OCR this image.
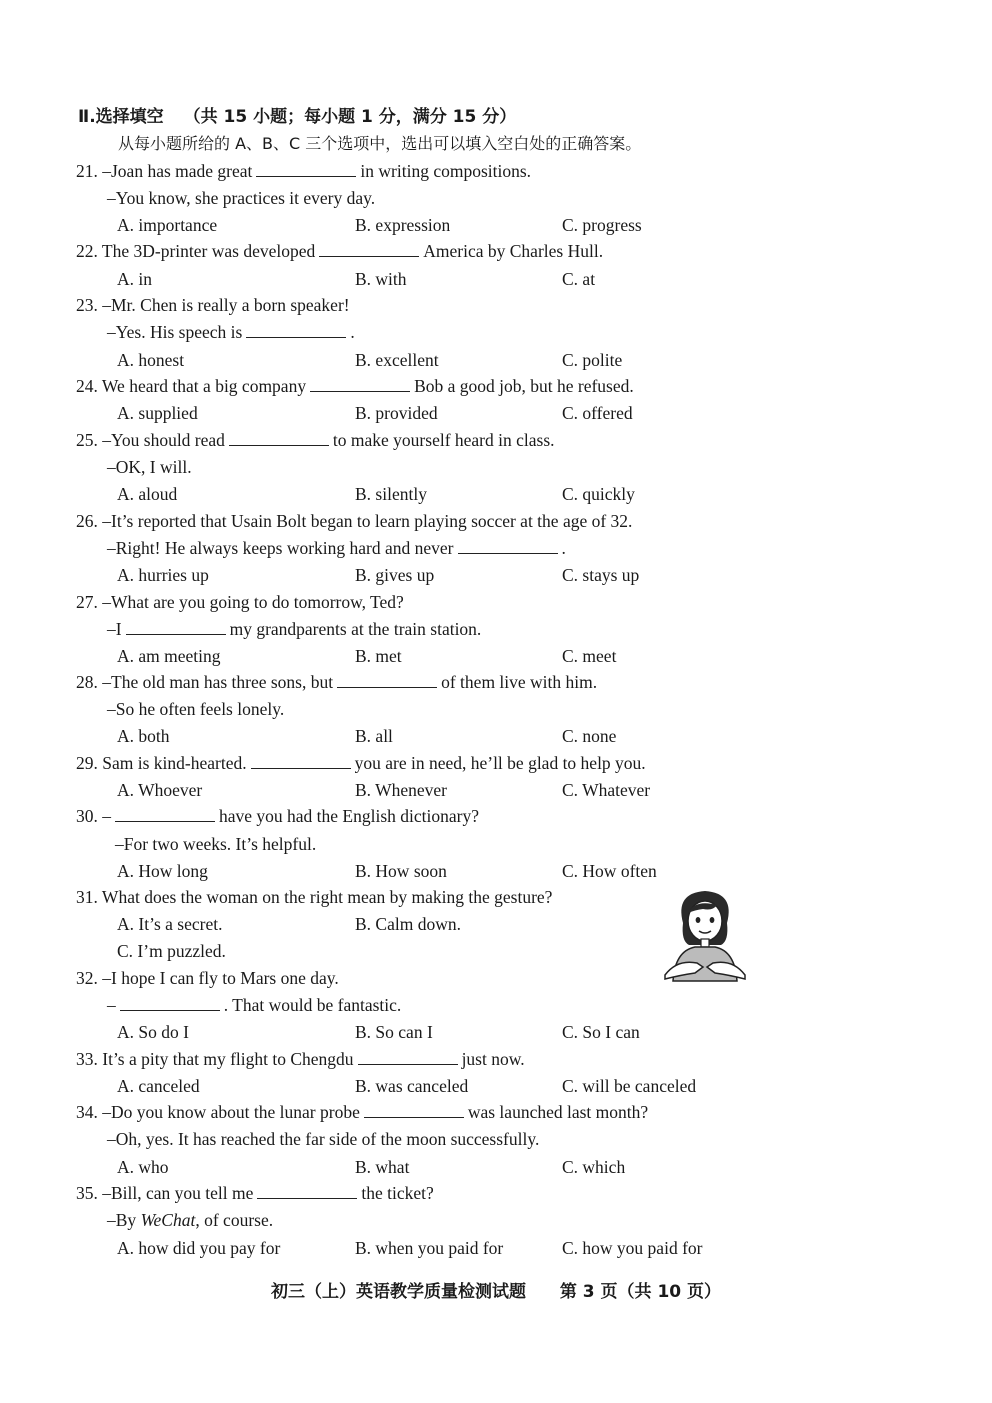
Ⅱ.选择填空 （共 15 小题；每小题 1 分，满分 15 分）
从每小题所给的 A、B、C 三个选项中，选出可以填入空白处的正确答案。
21. –Joan has made great	in writing compositions.
–You know, she practices it every day.
A. importance	B. expression	C. progress
22. The 3D-printer was developed	America by Charles Hull.
A. in	B. with	C. at
23. –Mr. Chen is really a born speaker!
–Yes. His speech is	.
A. honest	B. excellent	C. polite
24. We heard that a big company	Bob a good job, but he refused.
A. supplied	B. provided	C. offered
25. –You should read	to make yourself heard in class.
–OK, I will.
A. aloud	B. silently	C. quickly
26. –It’s reported that Usain Bolt began to learn playing soccer at the age of 32.
–Right! He always keeps working hard and never	.
A. hurries up	B. gives up	C. stays up
27. –What are you going to do tomorrow, Ted?
–I	my grandparents at the train station.
A. am meeting	B. met	C. meet
28. –The old man has three sons, but	of them live with him.
–So he often feels lonely.
A. both	B. all	C. none
29. Sam is kind-hearted.	you are in need, he’ll be glad to help you.
A. Whoever	B. Whenever	C. Whatever
30. –	have you had the English dictionary?
–For two weeks. It’s helpful.
A. How long	B. How soon	C. How often
31. What does the woman on the right mean by making the gesture?
A. It’s a secret.	B. Calm down.
C. I’m puzzled.
32. –I hope I can fly to Mars one day.
–	. That would be fantastic.
A. So do I	B. So can I	C. So I can
33. It’s a pity that my flight to Chengdu	just now.
A. canceled	B. was canceled	C. will be canceled
34. –Do you know about the lunar probe	was launched last month?
–Oh, yes. It has reached the far side of the moon successfully.
A. who	B. what	C. which
35. –Bill, can you tell me	the ticket?
–By WeChat, of course.
A. how did you pay for	B. when you paid for	C. how you paid for
初三（上）英语教学质量检测试题 第 3 页（共 10 页）
